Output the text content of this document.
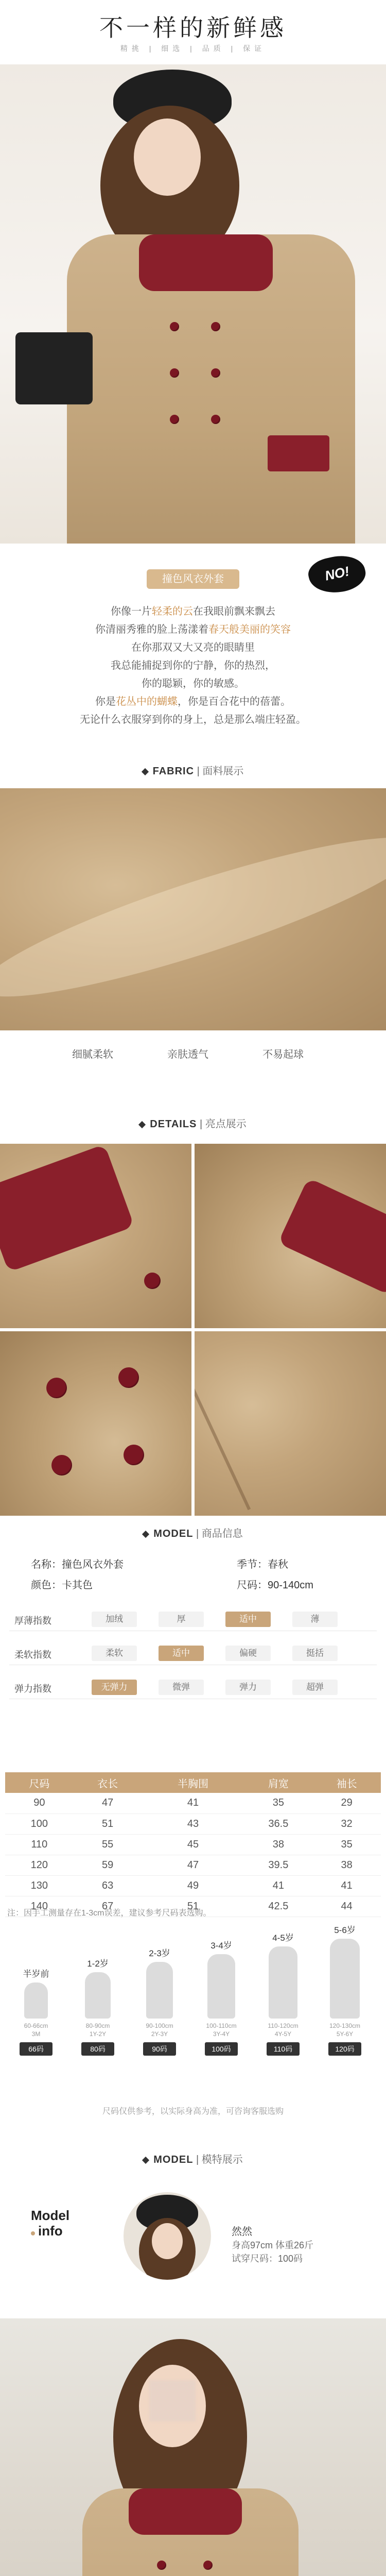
不一样的新鲜感
精挑 | 细选 | 品质 | 保证
撞色风衣外套	NO!
你像一片轻柔的云在我眼前飘来飘去
你清丽秀雅的脸上荡漾着春天般美丽的笑容
在你那双又大又亮的眼睛里
我总能捕捉到你的宁静，你的热烈，
你的聪颖，你的敏感。
你是花丛中的蝴蝶，你是百合花中的蓓蕾。
无论什么衣服穿到你的身上，总是那么端庄轻盈。
FABRIC | 面料展示
细腻柔软	亲肤透气	不易起球
DETAILS | 亮点展示
MODEL | 商品信息
名称：撞色风衣外套	季节：春秋
颜色：卡其色	尺码：90-140cm
厚薄指数	加绒	厚	适中	薄
柔软指数	柔软	适中	偏硬	挺括
弹力指数	无弹力	微弹	弹力	超弹
尺码	衣长	半胸围	肩宽	袖长
90	47	41	35	29
100	51	43	36.5	32
110	55	45	38	35
120	59	47	39.5	38
130	63	49	41	41
140	67	51	42.5	44
注：因手工测量存在1-3cm误差，建议参考尺码表选购。
半岁前
60-66cm
3M
66码
1-2岁
80-90cm
1Y-2Y
80码
2-3岁
90-100cm
2Y-3Y
90码
3-4岁
100-110cm
3Y-4Y
100码
4-5岁
110-120cm
4Y-5Y
110码
5-6岁
120-130cm
5Y-6Y
120码
尺码仅供参考，以实际身高为准，可咨询客服选购
MODEL | 模特展示
Model
info	然然
身高97cm 体重26斤
试穿尺码：100码
